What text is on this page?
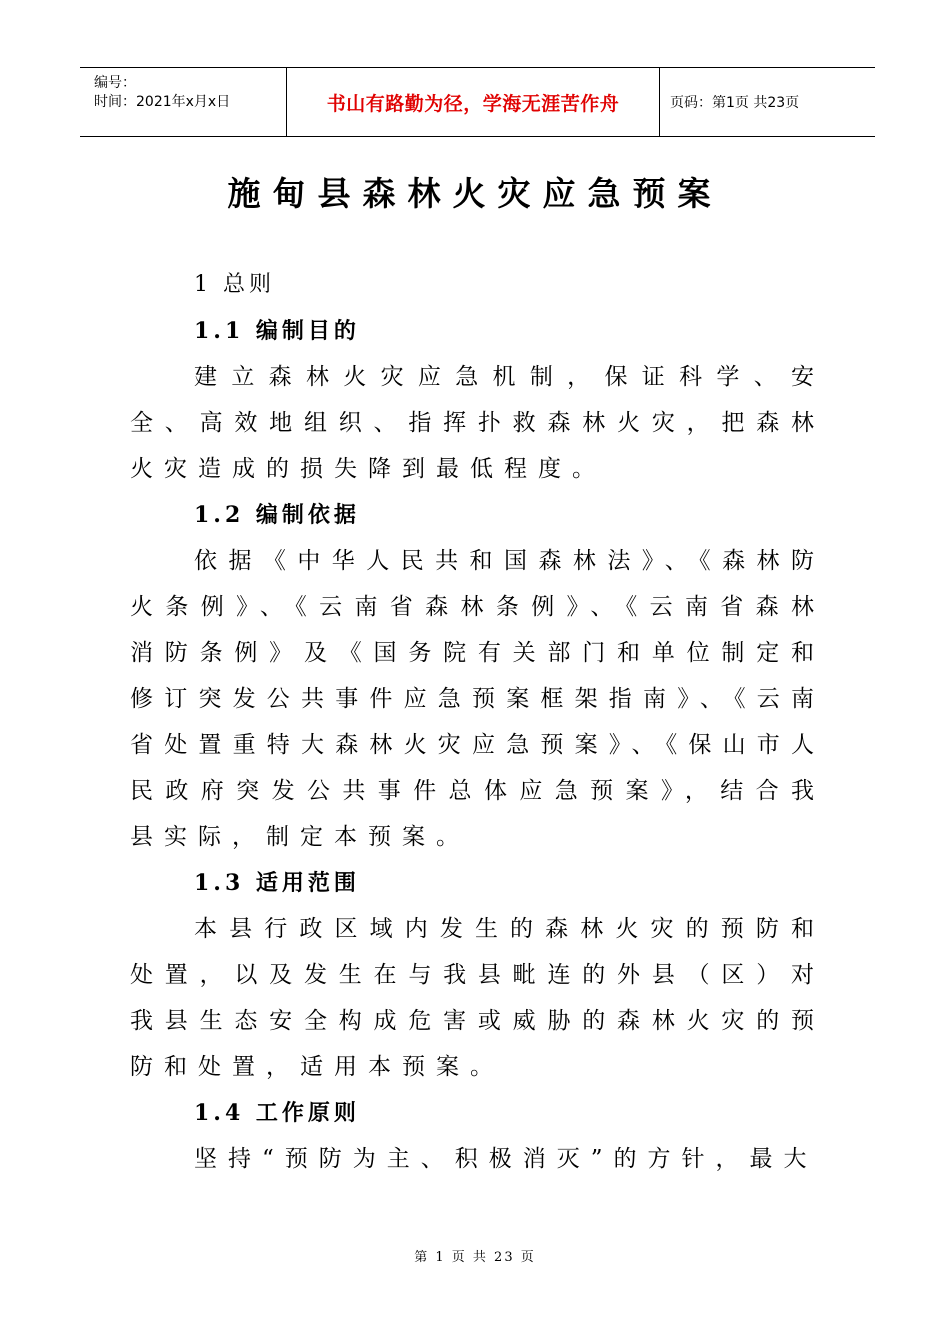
编号：
时间：2021年x月x日	书山有路勤为径，学海无涯苦作舟	页码：第1页 共23页
施甸县森林火灾应急预案
1 总则
1.1 编制目的
建立森林火灾应急机制，保证科学、安全、高效地组织、指挥扑救森林火灾，把森林火灾造成的损失降到最低程度。
1.2 编制依据
依据《中华人民共和国森林法》、《森林防火条例》、《云南省森林条例》、《云南省森林消防条例》及《国务院有关部门和单位制定和修订突发公共事件应急预案框架指南》、《云南省处置重特大森林火灾应急预案》、《保山市人民政府突发公共事件总体应急预案》，结合我县实际，制定本预案。
1.3 适用范围
本县行政区域内发生的森林火灾的预防和处置，以及发生在与我县毗连的外县（区）对我县生态安全构成危害或威胁的森林火灾的预防和处置，适用本预案。
1.4 工作原则
坚持“预防为主、积极消灭”的方针，最大
第 1 页 共 23 页
